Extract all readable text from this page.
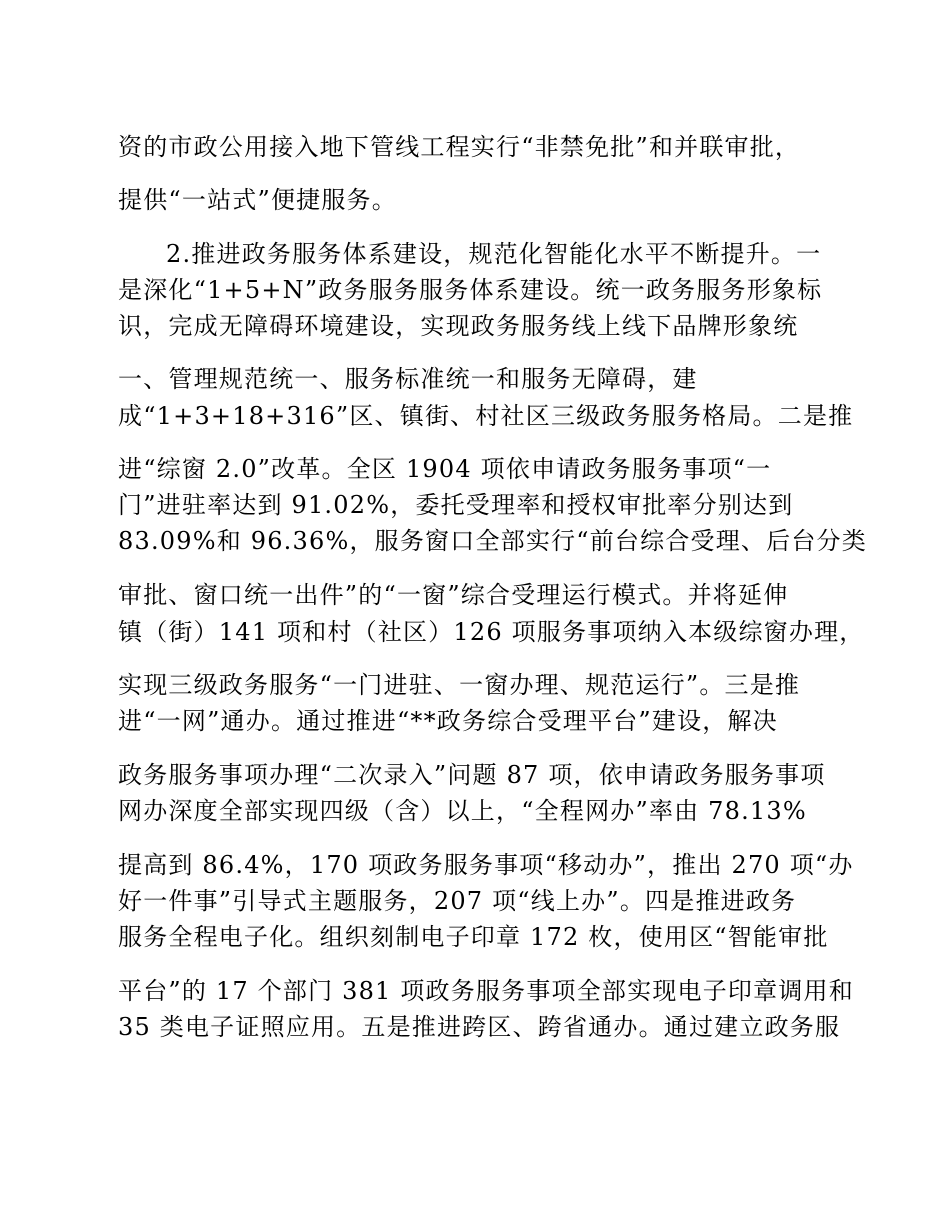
资的市政公用接入地下管线工程实行“非禁免批”和并联审批，
提供“一站式”便捷服务。
2.推进政务服务体系建设，规范化智能化水平不断提升。一
是深化“1+5+N”政务服务服务体系建设。统一政务服务形象标
识，完成无障碍环境建设，实现政务服务线上线下品牌形象统
一、管理规范统一、服务标准统一和服务无障碍，建
成“1+3+18+316”区、镇街、村社区三级政务服务格局。二是推
进“综窗 2.0”改革。全区 1904 项依申请政务服务事项“一
门”进驻率达到 91.02%，委托受理率和授权审批率分别达到
83.09%和 96.36%，服务窗口全部实行“前台综合受理、后台分类
审批、窗口统一出件”的“一窗”综合受理运行模式。并将延伸
镇（街）141 项和村（社区）126 项服务事项纳入本级综窗办理，
实现三级政务服务“一门进驻、一窗办理、规范运行”。三是推
进“一网”通办。通过推进“**政务综合受理平台”建设，解决
政务服务事项办理“二次录入”问题 87 项，依申请政务服务事项
网办深度全部实现四级（含）以上，“全程网办”率由 78.13%
提高到 86.4%，170 项政务服务事项“移动办”，推出 270 项“办
好一件事”引导式主题服务，207 项“线上办”。四是推进政务
服务全程电子化。组织刻制电子印章 172 枚，使用区“智能审批
平台”的 17 个部门 381 项政务服务事项全部实现电子印章调用和
35 类电子证照应用。五是推进跨区、跨省通办。通过建立政务服
